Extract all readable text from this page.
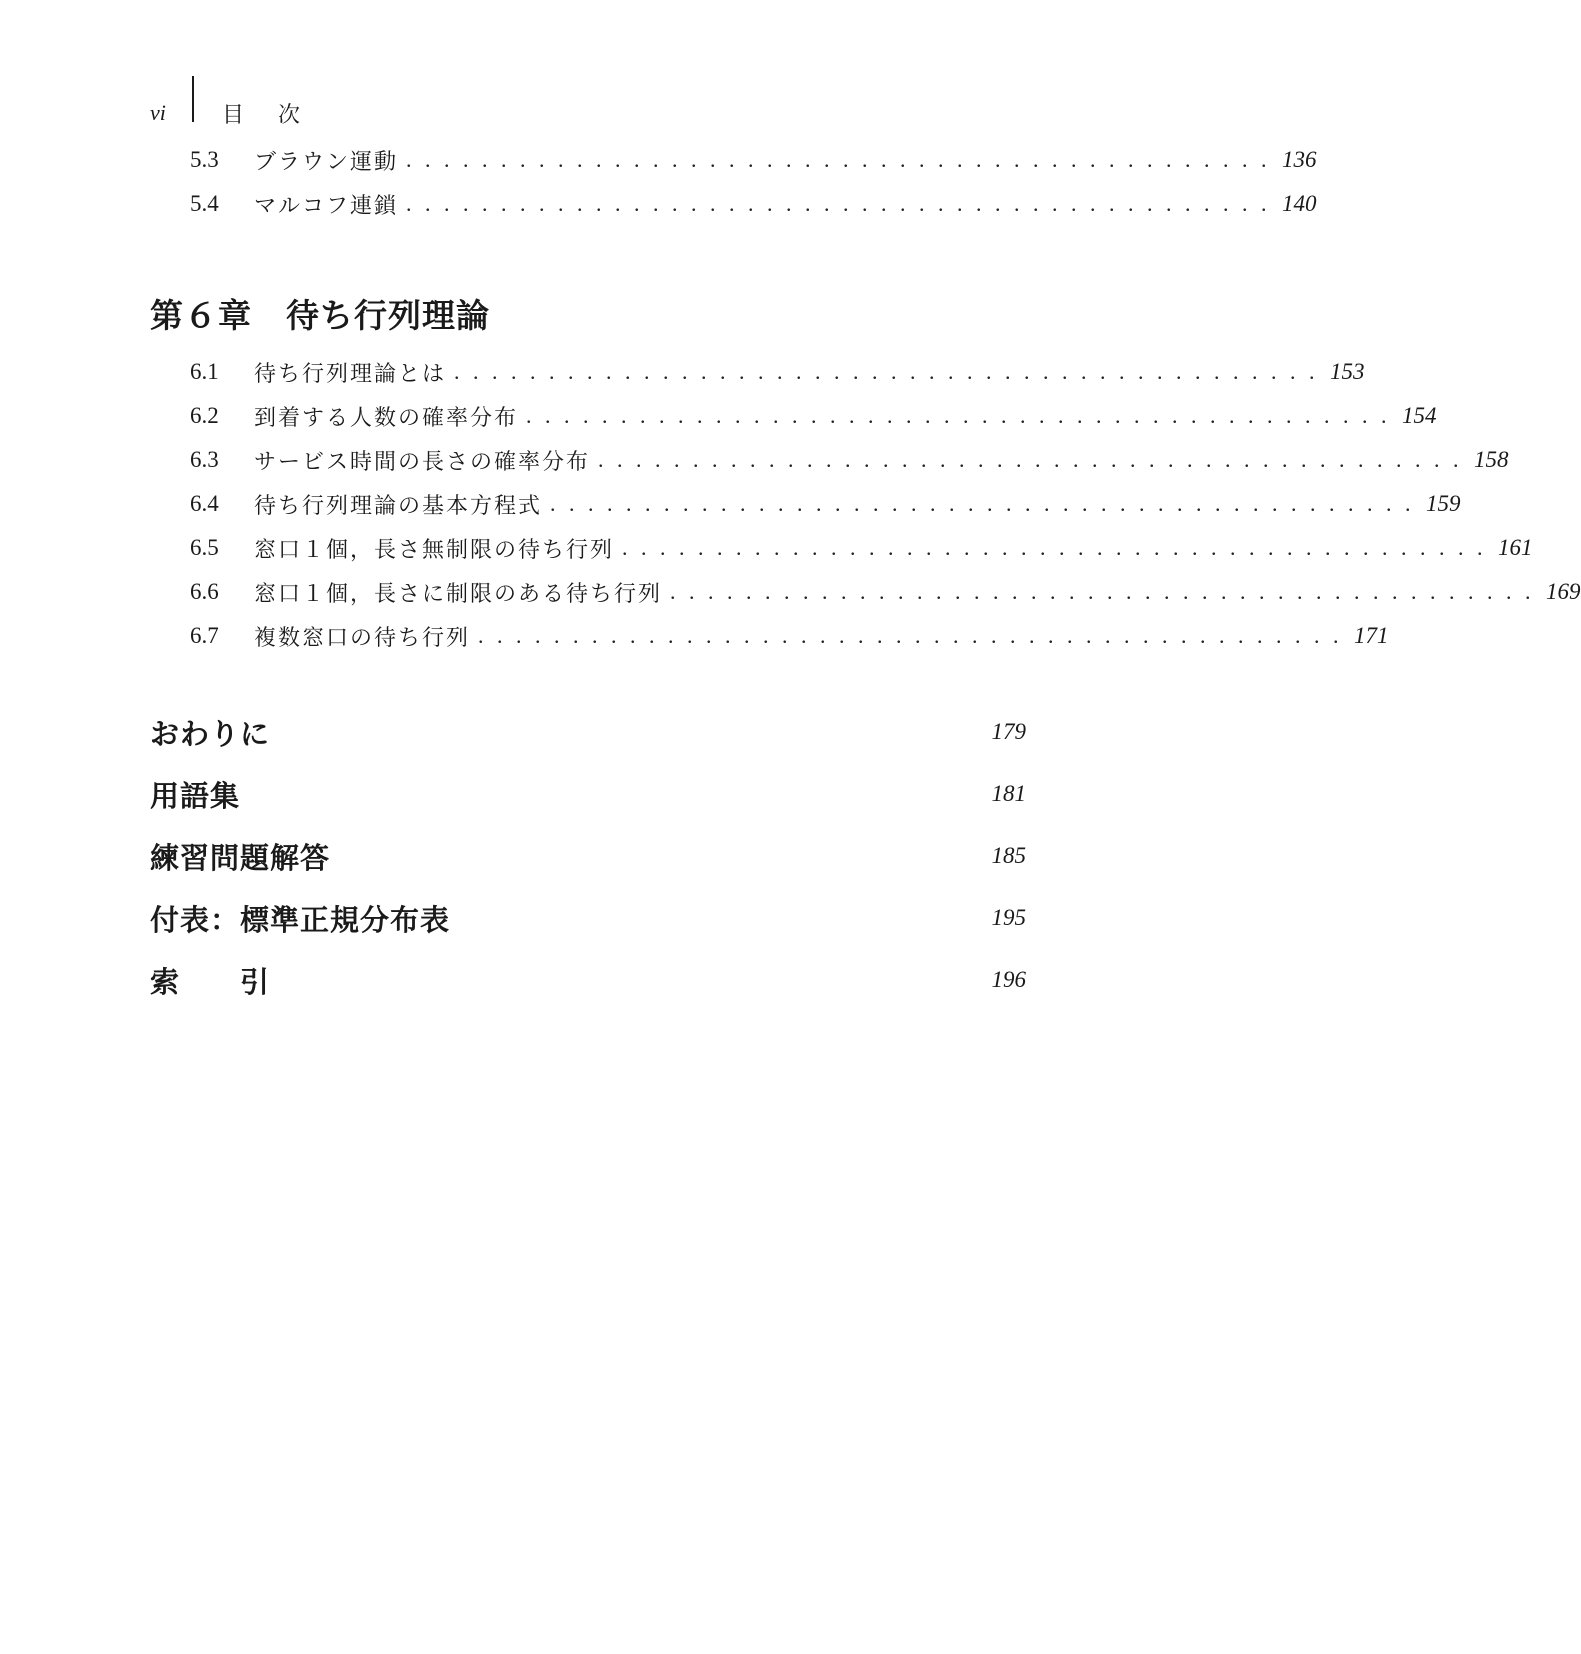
vi	目次
5.3	ブラウン運動 .............................................. 136
5.4	マルコフ連鎖 .............................................. 140
第６章　待ち行列理論
6.1	待ち行列理論とは .............................................. 153
6.2	到着する人数の確率分布 .............................................. 154
6.3	サービス時間の長さの確率分布 .............................................. 158
6.4	待ち行列理論の基本方程式 .............................................. 159
6.5	窓口１個，長さ無制限の待ち行列 .............................................. 161
6.6	窓口１個，長さに制限のある待ち行列 .............................................. 169
6.7	複数窓口の待ち行列 .............................................. 171
おわりに	179
用語集	181
練習問題解答	185
付表：標準正規分布表	195
索　　引	196
